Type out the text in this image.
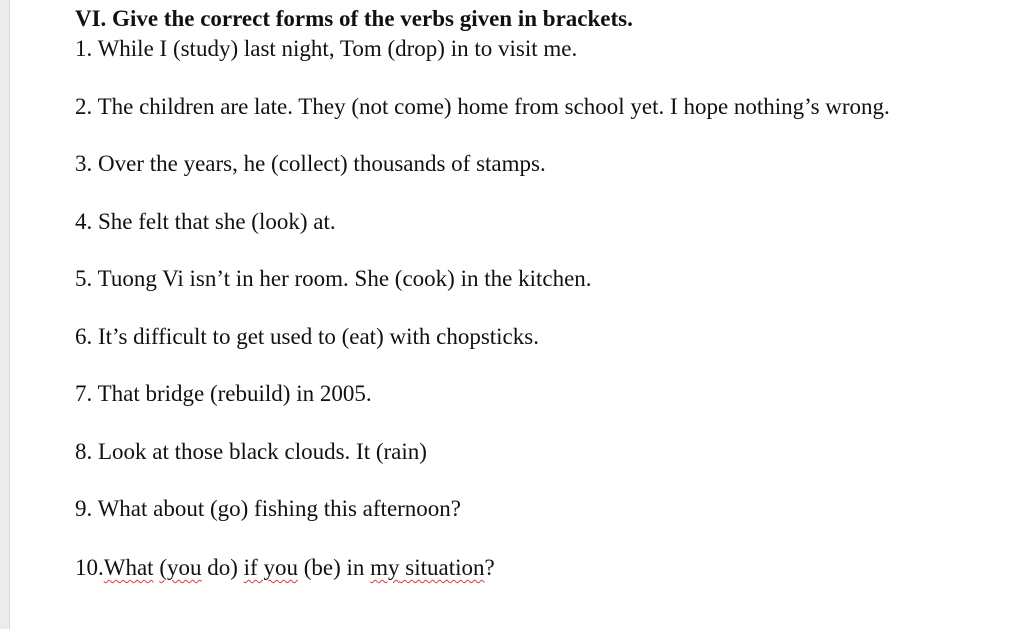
VI. Give the correct forms of the verbs given in brackets.
1. While I (study) last night, Tom (drop) in to visit me.
2. The children are late. They (not come) home from school yet. I hope nothing’s wrong.
3. Over the years, he (collect) thousands of stamps.
4. She felt that she (look) at.
5. Tuong Vi isn’t in her room. She (cook) in the kitchen.
6. It’s difficult to get used to (eat) with chopsticks.
7. That bridge (rebuild) in 2005.
8. Look at those black clouds. It (rain)
9. What about (go) fishing this afternoon?
10.What (you do) if you (be) in my situation?
